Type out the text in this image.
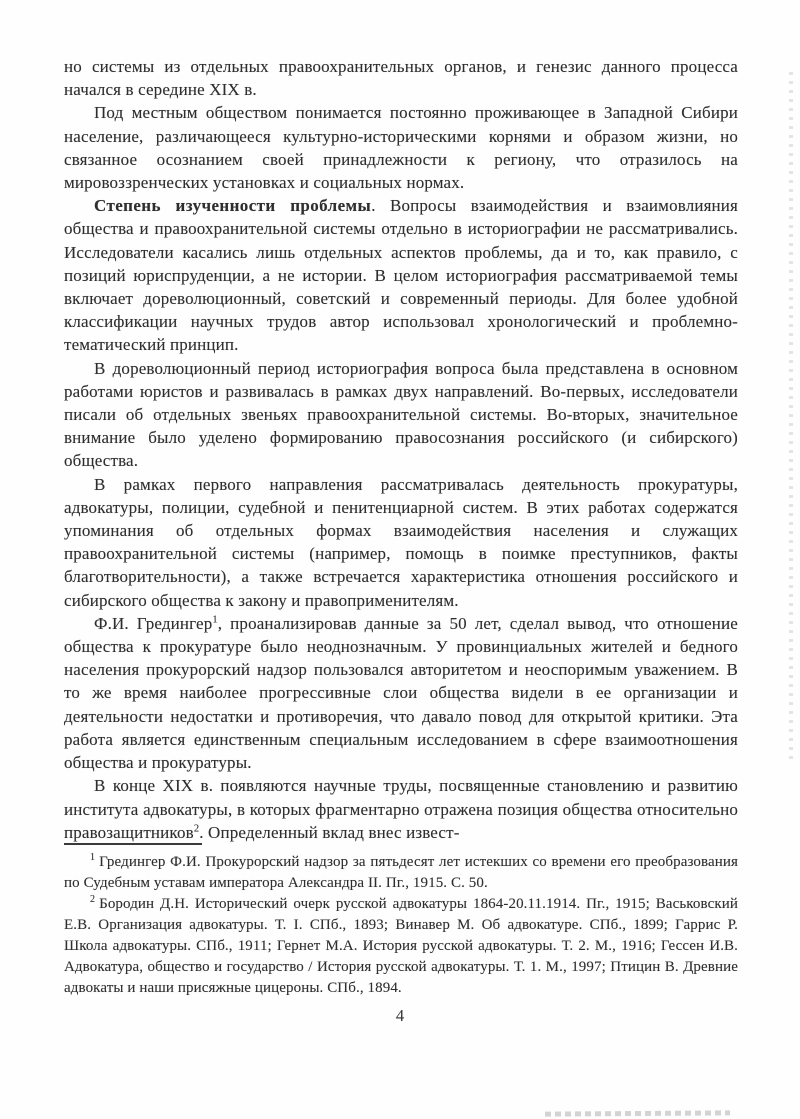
но системы из отдельных правоохранительных органов, и генезис данного процесса начался в середине XIX в.

Под местным обществом понимается постоянно проживающее в Западной Сибири население, различающееся культурно-историческими корнями и образом жизни, но связанное осознанием своей принадлежности к региону, что отразилось на мировоззренческих установках и социальных нормах.

Степень изученности проблемы. Вопросы взаимодействия и взаимовлияния общества и правоохранительной системы отдельно в историографии не рассматривались. Исследователи касались лишь отдельных аспектов проблемы, да и то, как правило, с позиций юриспруденции, а не истории. В целом историография рассматриваемой темы включает дореволюционный, советский и современный периоды. Для более удобной классификации научных трудов автор использовал хронологический и проблемно-тематический принцип.

В дореволюционный период историография вопроса была представлена в основном работами юристов и развивалась в рамках двух направлений. Во-первых, исследователи писали об отдельных звеньях правоохранительной системы. Во-вторых, значительное внимание было уделено формированию правосознания российского (и сибирского) общества.

В рамках первого направления рассматривалась деятельность прокуратуры, адвокатуры, полиции, судебной и пенитенциарной систем. В этих работах содержатся упоминания об отдельных формах взаимодействия населения и служащих правоохранительной системы (например, помощь в поимке преступников, факты благотворительности), а также встречается характеристика отношения российского и сибирского общества к закону и правоприменителям.

Ф.И. Гредингер$^1$, проанализировав данные за 50 лет, сделал вывод, что отношение общества к прокуратуре было неоднозначным. У провинциальных жителей и бедного населения прокурорский надзор пользовался авторитетом и неоспоримым уважением. В то же время наиболее прогрессивные слои общества видели в ее организации и деятельности недостатки и противоречия, что давало повод для открытой критики. Эта работа является единственным специальным исследованием в сфере взаимоотношения общества и прокуратуры.

В конце XIX в. появляются научные труды, посвященные становлению и развитию института адвокатуры, в которых фрагментарно отражена позиция общества относительно правозащитников$^2$. Определенный вклад внес извест-

$^1$ Гредингер Ф.И. Прокурорский надзор за пятьдесят лет истекших со времени его преобразования по Судебным уставам императора Александра II. Пг., 1915. С. 50.

$^2$ Бородин Д.Н. Исторический очерк русской адвокатуры 1864-20.11.1914. Пг., 1915; Васьковский Е.В. Организация адвокатуры. Т. I. СПб., 1893; Винавер М. Об адвокатуре. СПб., 1899; Гаррис Р. Школа адвокатуры. СПб., 1911; Гернет М.А. История русской адвокатуры. Т. 2. М., 1916; Гессен И.В. Адвокатура, общество и государство / История русской адвокатуры. Т. 1. М., 1997; Птицин В. Древние адвокаты и наши присяжные цицероны. СПб., 1894.

4
